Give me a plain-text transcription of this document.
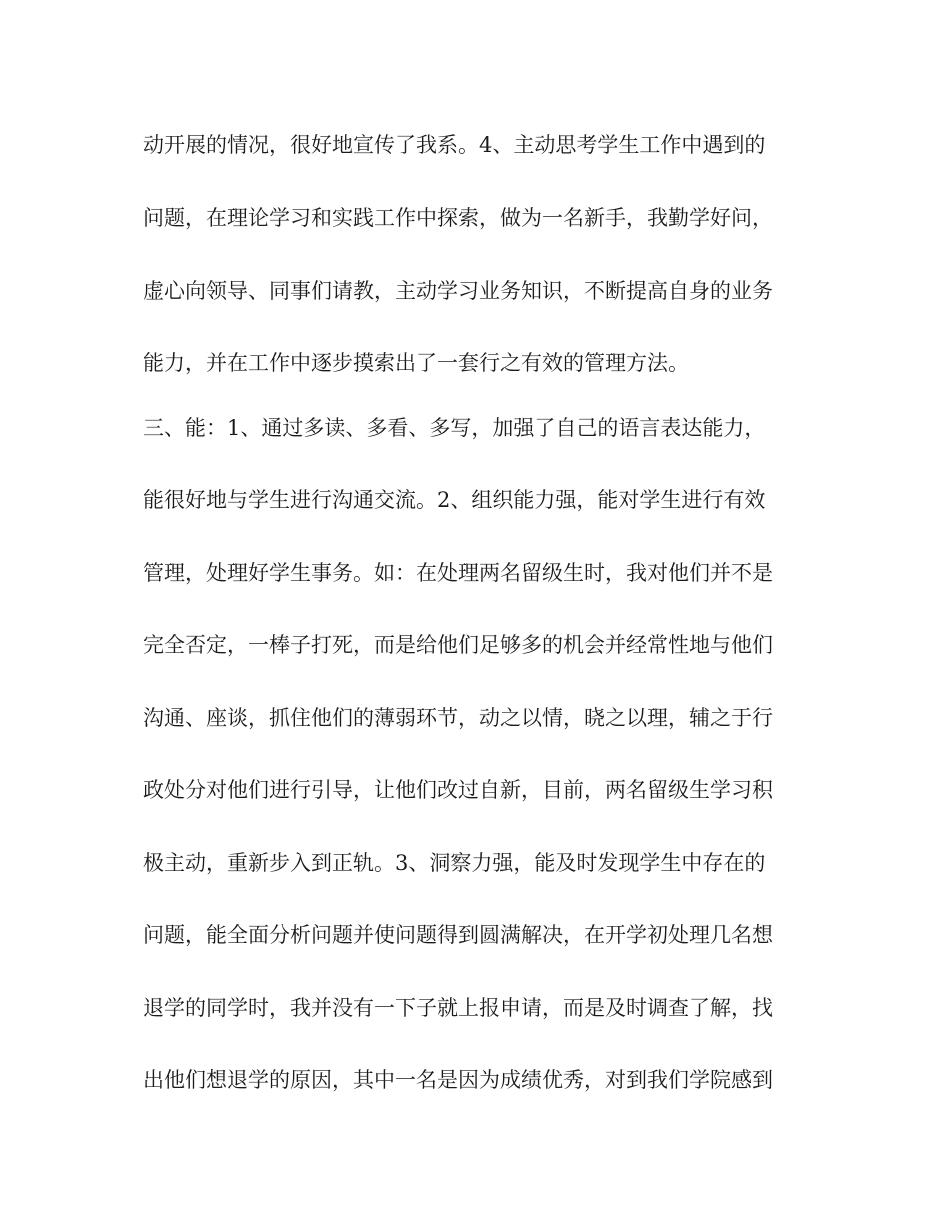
动开展的情况，很好地宣传了我系。4、主动思考学生工作中遇到的
问题，在理论学习和实践工作中探索，做为一名新手，我勤学好问，
虚心向领导、同事们请教，主动学习业务知识，不断提高自身的业务
能力，并在工作中逐步摸索出了一套行之有效的管理方法。
三、能：1、通过多读、多看、多写，加强了自己的语言表达能力，
能很好地与学生进行沟通交流。2、组织能力强，能对学生进行有效
管理，处理好学生事务。如：在处理两名留级生时，我对他们并不是
完全否定，一棒子打死，而是给他们足够多的机会并经常性地与他们
沟通、座谈，抓住他们的薄弱环节，动之以情，晓之以理，辅之于行
政处分对他们进行引导，让他们改过自新，目前，两名留级生学习积
极主动，重新步入到正轨。3、洞察力强，能及时发现学生中存在的
问题，能全面分析问题并使问题得到圆满解决，在开学初处理几名想
退学的同学时，我并没有一下子就上报申请，而是及时调查了解，找
出他们想退学的原因，其中一名是因为成绩优秀，对到我们学院感到
